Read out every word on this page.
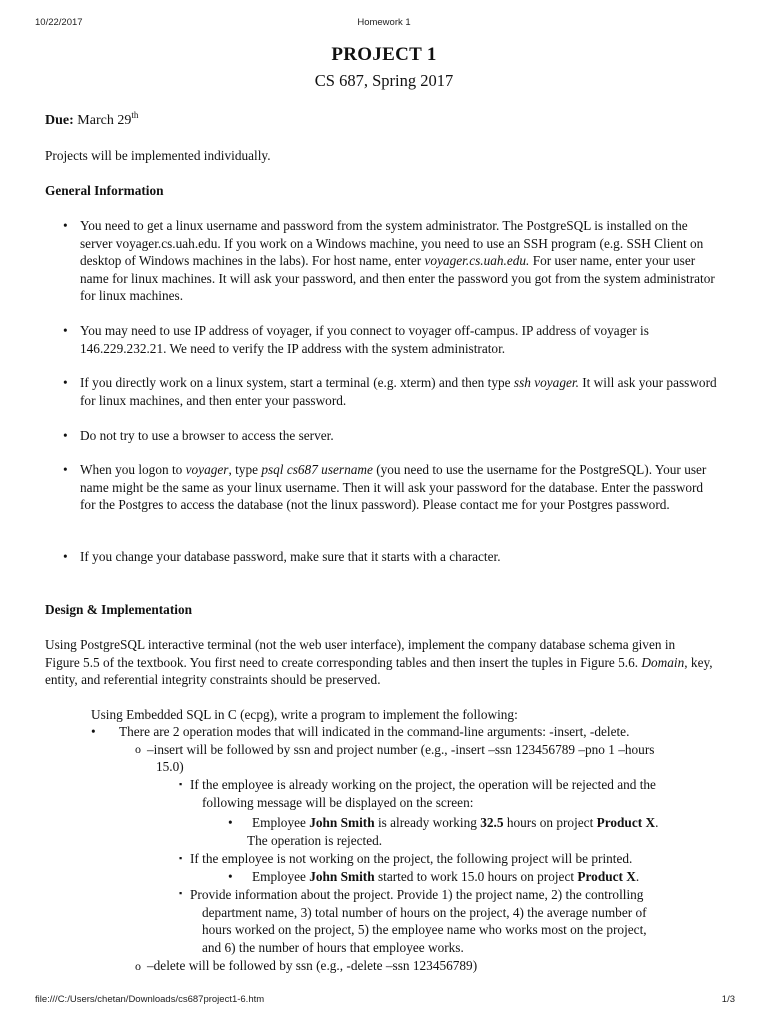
10/22/2017	Homework 1
PROJECT 1
CS 687, Spring 2017
Due: March 29th

Projects will be implemented individually.

General Information

• You need to get a linux username and password from the system administrator. The PostgreSQL is installed on the server voyager.cs.uah.edu. If you work on a Windows machine, you need to use an SSH program (e.g. SSH Client on desktop of Windows machines in the labs). For host name, enter voyager.cs.uah.edu. For user name, enter your user name for linux machines. It will ask your password, and then enter the password you got from the system administrator for linux machines.

• You may need to use IP address of voyager, if you connect to voyager off-campus. IP address of voyager is 146.229.232.21. We need to verify the IP address with the system administrator.

• If you directly work on a linux system, start a terminal (e.g. xterm) and then type ssh voyager. It will ask your password for linux machines, and then enter your password.

• Do not try to use a browser to access the server.

• When you logon to voyager, type psql cs687 username (you need to use the username for the PostgreSQL). Your user name might be the same as your linux username. Then it will ask your password for the database. Enter the password for the Postgres to access the database (not the linux password). Please contact me for your Postgres password.

• If you change your database password, make sure that it starts with a character.

Design & Implementation

Using PostgreSQL interactive terminal (not the web user interface), implement the company database schema given in Figure 5.5 of the textbook. You first need to create corresponding tables and then insert the tuples in Figure 5.6. Domain, key, entity, and referential integrity constraints should be preserved.

Using Embedded SQL in C (ecpg), write a program to implement the following:

• There are 2 operation modes that will indicated in the command-line arguments: -insert, -delete.

o –insert will be followed by ssn and project number (e.g., -insert –ssn 123456789 –pno 1 –hours

15.0)

▪ If the employee is already working on the project, the operation will be rejected and the

following message will be displayed on the screen:

• Employee John Smith is already working 32.5 hours on project Product X.

The operation is rejected.

▪ If the employee is not working on the project, the following project will be printed.

• Employee John Smith started to work 15.0 hours on project Product X.

▪ Provide information about the project. Provide 1) the project name, 2) the controlling

department name, 3) total number of hours on the project, 4) the average number of

hours worked on the project, 5) the employee name who works most on the project,

and 6) the number of hours that employee works.

o –delete will be followed by ssn (e.g., -delete –ssn 123456789)

file:///C:/Users/chetan/Downloads/cs687project1-6.htm	1/3
